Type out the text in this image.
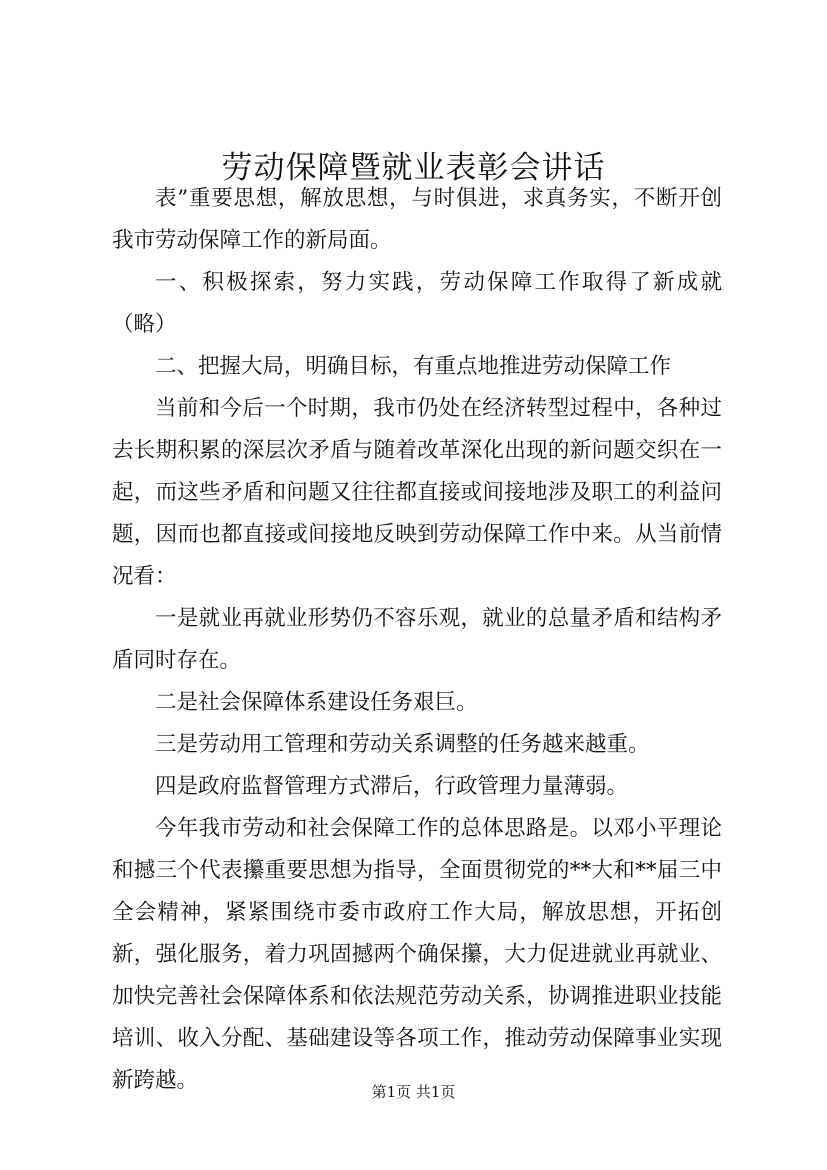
劳动保障暨就业表彰会讲话

表”重要思想，解放思想，与时俱进，求真务实，不断开创我市劳动保障工作的新局面。

一、积极探索，努力实践，劳动保障工作取得了新成就（略）

二、把握大局，明确目标，有重点地推进劳动保障工作

当前和今后一个时期，我市仍处在经济转型过程中，各种过去长期积累的深层次矛盾与随着改革深化出现的新问题交织在一起，而这些矛盾和问题又往往都直接或间接地涉及职工的利益问题，因而也都直接或间接地反映到劳动保障工作中来。从当前情况看：

一是就业再就业形势仍不容乐观，就业的总量矛盾和结构矛盾同时存在。

二是社会保障体系建设任务艰巨。

三是劳动用工管理和劳动关系调整的任务越来越重。

四是政府监督管理方式滞后，行政管理力量薄弱。

今年我市劳动和社会保障工作的总体思路是。以邓小平理论和撼三个代表攥重要思想为指导，全面贯彻党的**大和**届三中全会精神，紧紧围绕市委市政府工作大局，解放思想，开拓创新，强化服务，着力巩固撼两个确保攥，大力促进就业再就业、加快完善社会保障体系和依法规范劳动关系，协调推进职业技能培训、收入分配、基础建设等各项工作，推动劳动保障事业实现新跨越。	第1页 共1页
